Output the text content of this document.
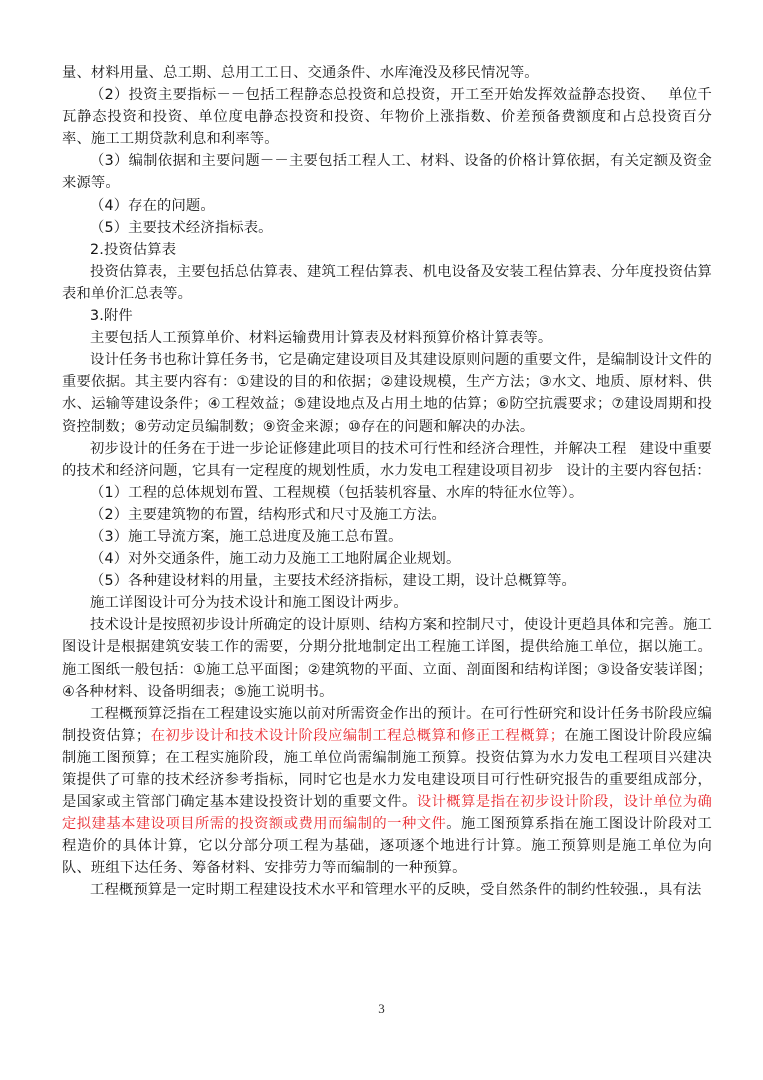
量、材料用量、总工期、总用工工日、交通条件、水库淹没及移民情况等。

（2）投资主要指标－－包括工程静态总投资和总投资，开工至开始发挥效益静态投资、 单位千瓦静态投资和投资、单位度电静态投资和投资、年物价上涨指数、价差预备费额度和占总投资百分率、施工工期贷款利息和利率等。

（3）编制依据和主要问题－－主要包括工程人工、材料、设备的价格计算依据，有关定额及资金来源等。

（4）存在的问题。

（5）主要技术经济指标表。

2.投资估算表

投资估算表，主要包括总估算表、建筑工程估算表、机电设备及安装工程估算表、分年度投资估算表和单价汇总表等。

3.附件

主要包括人工预算单价、材料运输费用计算表及材料预算价格计算表等。

设计任务书也称计算任务书，它是确定建设项目及其建设原则问题的重要文件，是编制设计文件的重要依据。其主要内容有：①建设的目的和依据；②建设规模，生产方法；③水文、地质、原材料、供水、运输等建设条件；④工程效益；⑤建设地点及占用土地的估算；⑥防空抗震要求；⑦建设周期和投资控制数；⑧劳动定员编制数；⑨资金来源；⑩存在的问题和解决的办法。

初步设计的任务在于进一步论证修建此项目的技术可行性和经济合理性，并解决工程 建设中重要的技术和经济问题，它具有一定程度的规划性质，水力发电工程建设项目初步 设计的主要内容包括：

（1）工程的总体规划布置、工程规模（包括装机容量、水库的特征水位等）。

（2）主要建筑物的布置，结构形式和尺寸及施工方法。

（3）施工导流方案，施工总进度及施工总布置。

（4）对外交通条件，施工动力及施工工地附属企业规划。

（5）各种建设材料的用量，主要技术经济指标，建设工期，设计总概算等。

施工详图设计可分为技术设计和施工图设计两步。

技术设计是按照初步设计所确定的设计原则、结构方案和控制尺寸，使设计更趋具体和完善。施工图设计是根据建筑安装工作的需要，分期分批地制定出工程施工详图，提供给施工单位，据以施工。施工图纸一般包括：①施工总平面图；②建筑物的平面、立面、剖面图和结构详图；③设备安装详图；④各种材料、设备明细表；⑤施工说明书。

工程概预算泛指在工程建设实施以前对所需资金作出的预计。在可行性研究和设计任务书阶段应编制投资估算；在初步设计和技术设计阶段应编制工程总概算和修正工程概算；在施工图设计阶段应编制施工图预算；在工程实施阶段，施工单位尚需编制施工预算。投资估算为水力发电工程项目兴建决策提供了可靠的技术经济参考指标，同时它也是水力发电建设项目可行性研究报告的重要组成部分，是国家或主管部门确定基本建设投资计划的重要文件。设计概算是指在初步设计阶段，设计单位为确定拟建基本建设项目所需的投资额或费用而编制的一种文件。施工图预算系指在施工图设计阶段对工程造价的具体计算，它以分部分项工程为基础，逐项逐个地进行计算。施工预算则是施工单位为向队、班组下达任务、筹备材料、安排劳力等而编制的一种预算。

工程概预算是一定时期工程建设技术水平和管理水平的反映，受自然条件的制约性较强.，具有法

3
